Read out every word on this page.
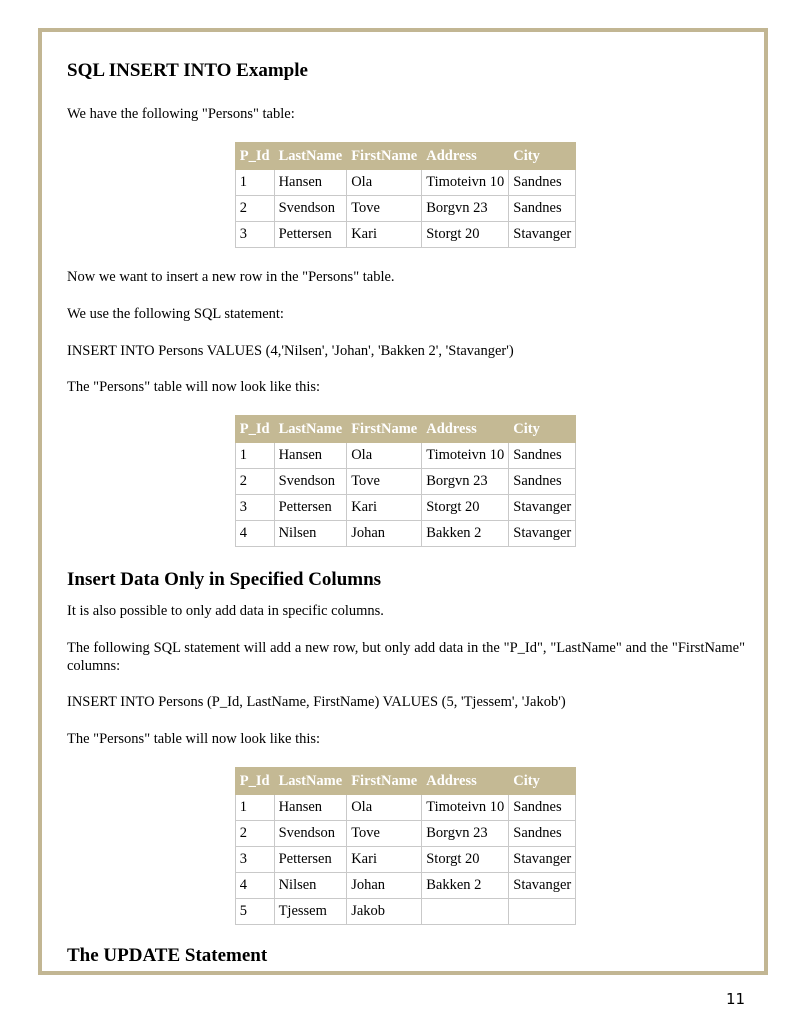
SQL INSERT INTO Example

We have the following "Persons" table:

P_Id	LastName	FirstName	Address	City
1	Hansen	Ola	Timoteivn 10	Sandnes
2	Svendson	Tove	Borgvn 23	Sandnes
3	Pettersen	Kari	Storgt 20	Stavanger

Now we want to insert a new row in the "Persons" table.

We use the following SQL statement:

INSERT INTO Persons VALUES (4,'Nilsen', 'Johan', 'Bakken 2', 'Stavanger')

The "Persons" table will now look like this:

P_Id	LastName	FirstName	Address	City
1	Hansen	Ola	Timoteivn 10	Sandnes
2	Svendson	Tove	Borgvn 23	Sandnes
3	Pettersen	Kari	Storgt 20	Stavanger
4	Nilsen	Johan	Bakken 2	Stavanger
Insert Data Only in Specified Columns

It is also possible to only add data in specific columns.

The following SQL statement will add a new row, but only add data in the "P_Id", "LastName" and the "FirstName" columns:

INSERT INTO Persons (P_Id, LastName, FirstName) VALUES (5, 'Tjessem', 'Jakob')

The "Persons" table will now look like this:

P_Id	LastName	FirstName	Address	City
1	Hansen	Ola	Timoteivn 10	Sandnes
2	Svendson	Tove	Borgvn 23	Sandnes
3	Pettersen	Kari	Storgt 20	Stavanger
4	Nilsen	Johan	Bakken 2	Stavanger
5	Tjessem	Jakob		
The UPDATE Statement
11
